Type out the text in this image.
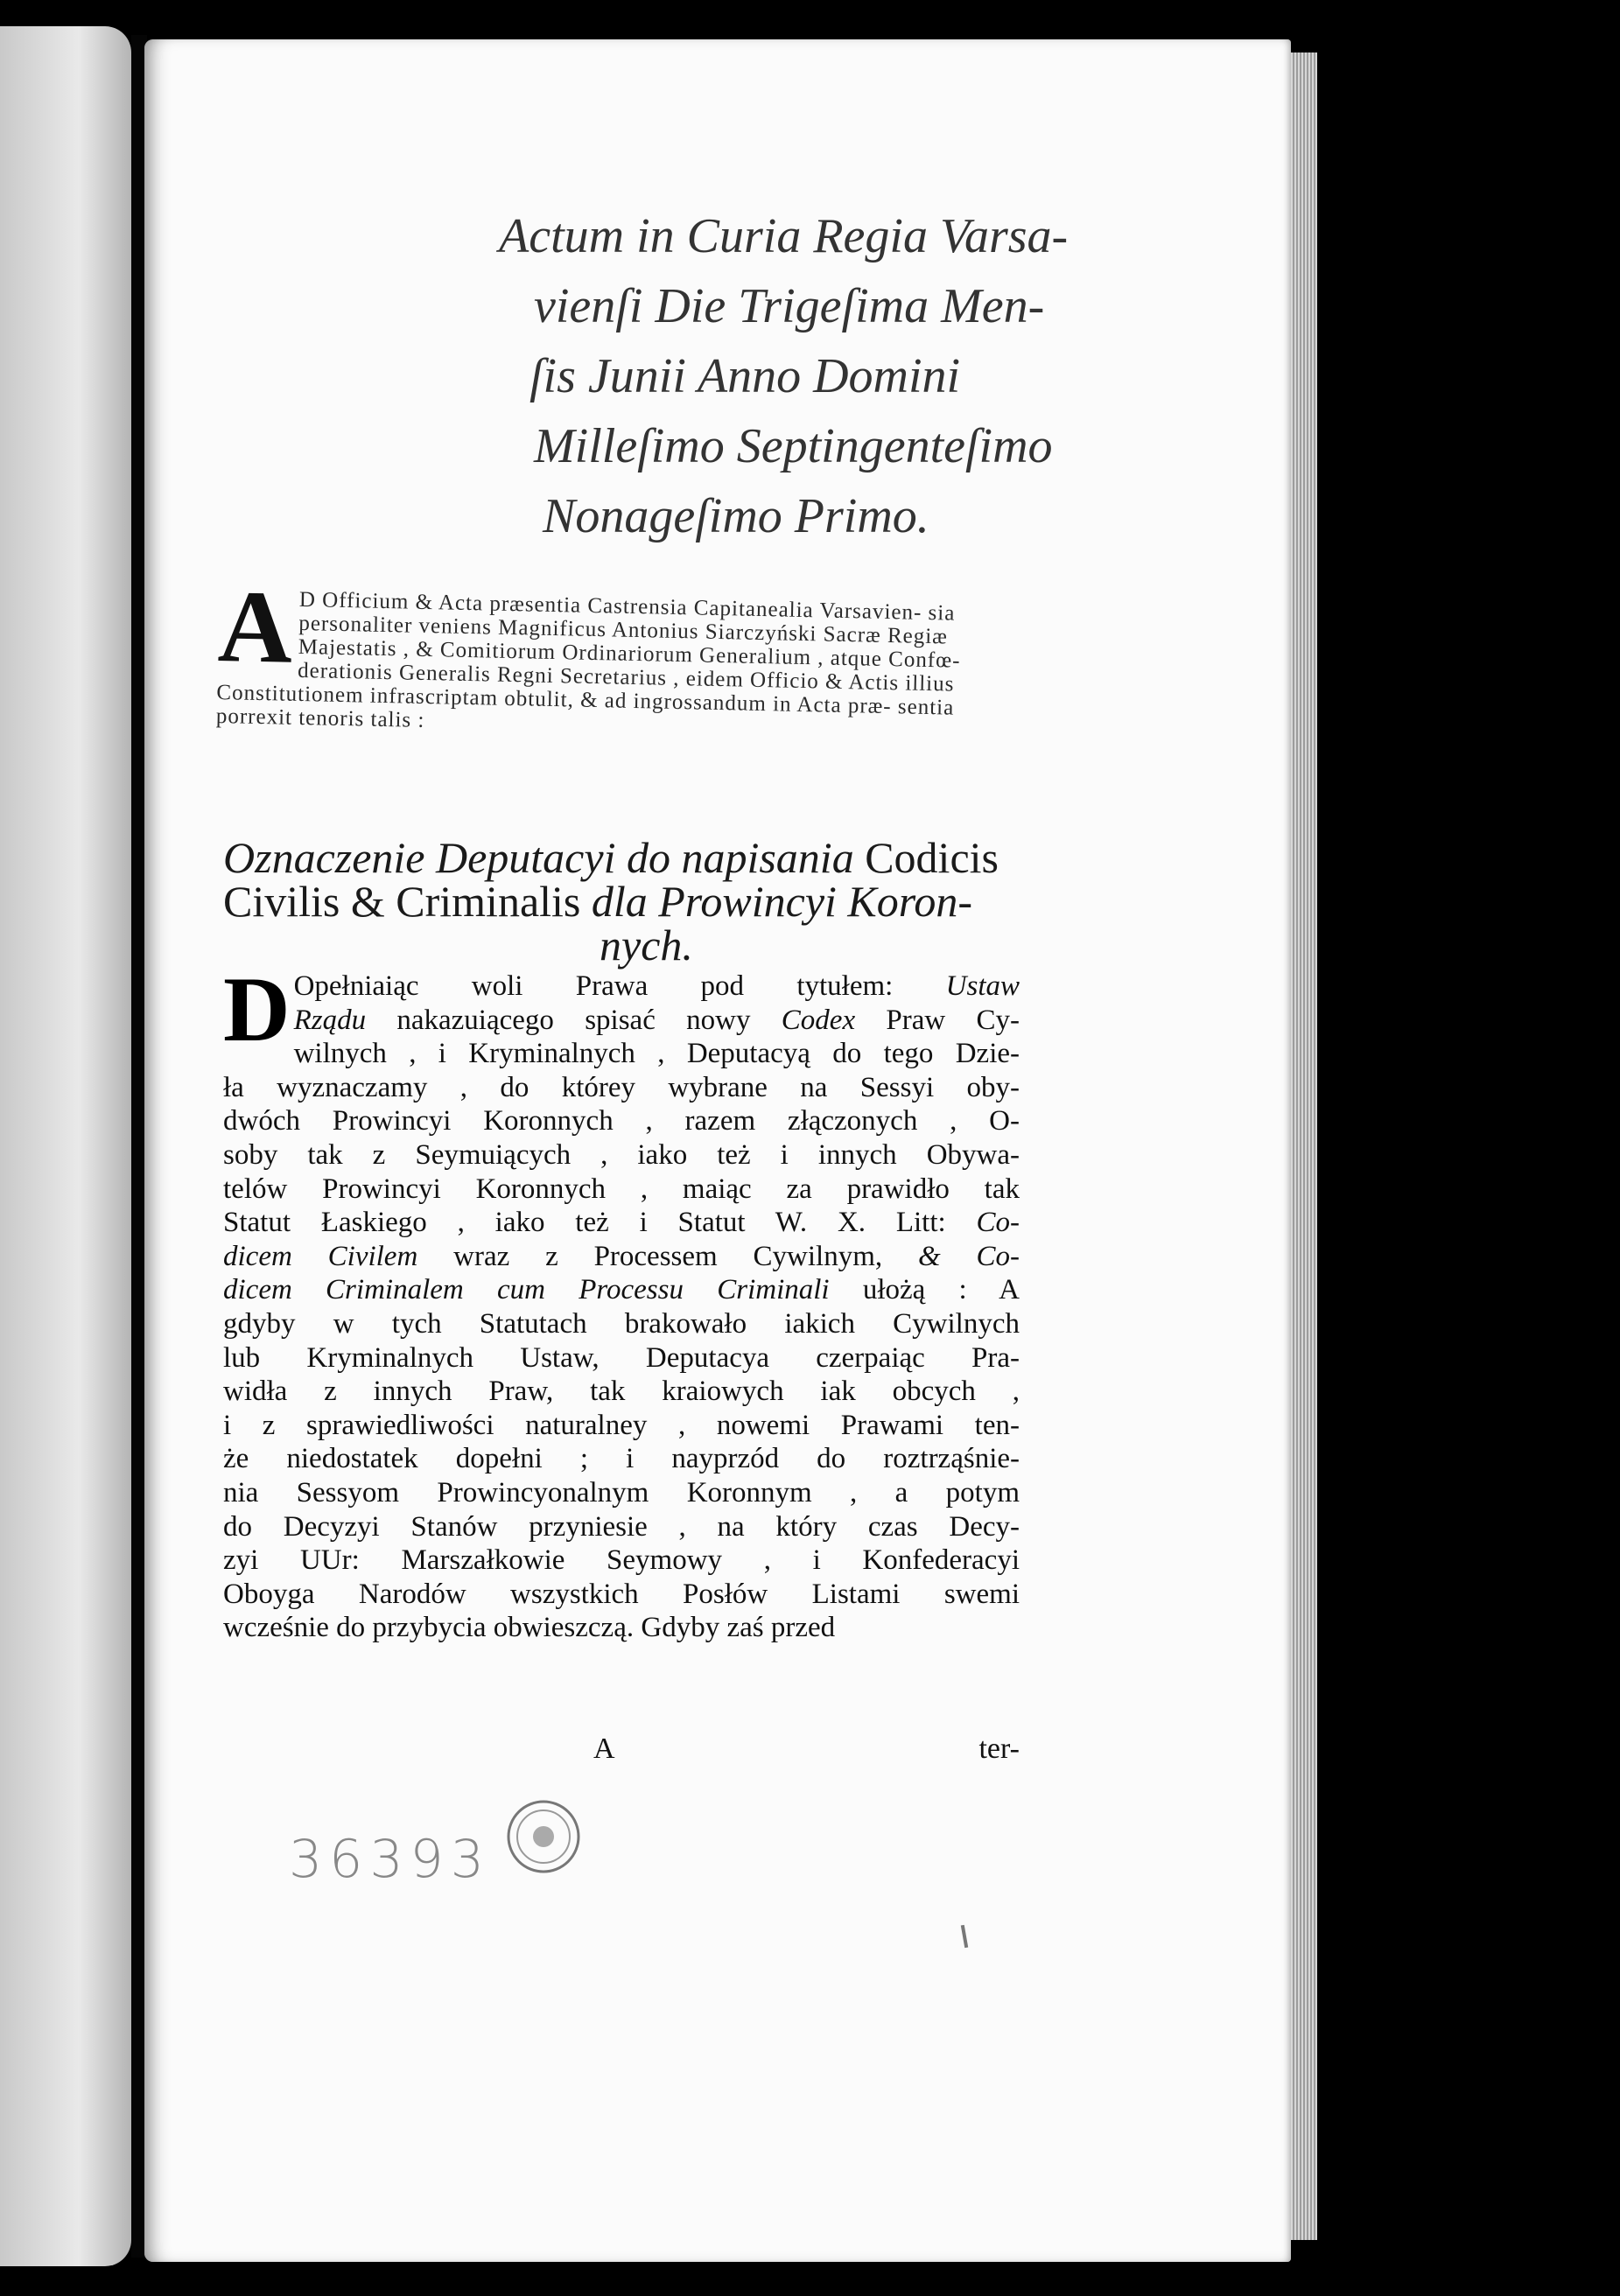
Actum in Curia Regia Varsa-
vienſi Die Trigeſima Men-
ſis Junii Anno Domini
Milleſimo Septingenteſimo
Nonageſimo Primo.
A D Officium & Acta præsentia Castrensia Capitanealia Varsavien- sia personaliter veniens Magnificus Antonius Siarczyński Sacræ Regiæ Majestatis , & Comitiorum Ordinariorum Generalium , atque Confœ- derationis Generalis Regni Secretarius , eidem Officio & Actis illius Constitutionem infrascriptam obtulit, & ad ingrossandum in Acta præ- sentia porrexit tenoris talis :
Oznaczenie Deputacyi do napisania Codicis
Civilis & Criminalis dla Prowincyi Koron-
nych.
D Opełniaiąc woli Prawa pod tytułem: Ustaw
Rządu nakazuiącego spisać nowy Codex Praw Cy-
wilnych , i Kryminalnych , Deputacyą do tego Dzie-
ła wyznaczamy , do którey wybrane na Sessyi oby-
dwóch Prowincyi Koronnych , razem złączonych , O-
soby tak z Seymuiących , iako też i innych Obywa-
telów Prowincyi Koronnych , maiąc za prawidło tak
Statut Łaskiego , iako też i Statut W. X. Litt: Co-
dicem Civilem wraz z Processem Cywilnym, & Co-
dicem Criminalem cum Processu Criminali ułożą : A
gdyby w tych Statutach brakowało iakich Cywilnych
lub Kryminalnych Ustaw, Deputacya czerpaiąc Pra-
widła z innych Praw, tak kraiowych iak obcych ,
i z sprawiedliwości naturalney , nowemi Prawami ten-
że niedostatek dopełni ; i nayprzód do roztrząśnie-
nia Sessyom Prowincyonalnym Koronnym , a potym
do Decyzyi Stanów przyniesie , na który czas Decy-
zyi UUr: Marszałkowie Seymowy , i Konfederacyi
Oboyga Narodów wszystkich Posłów Listami swemi
wcześnie do przybycia obwieszczą. Gdyby zaś przed
A	ter-
36393
